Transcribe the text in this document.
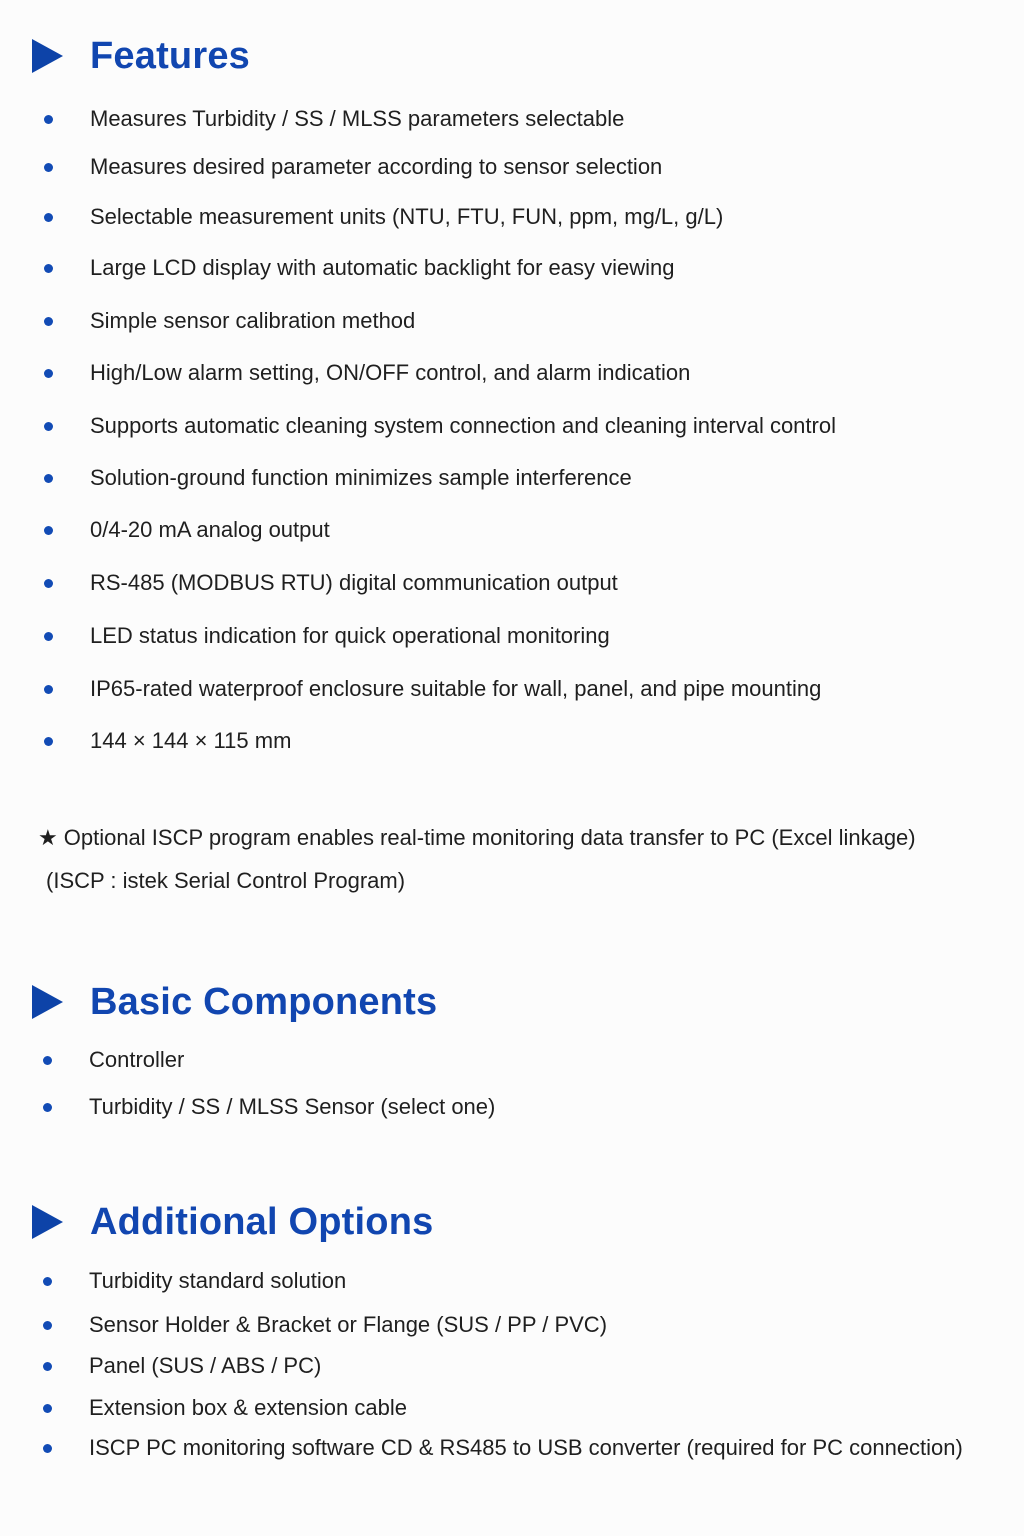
Features
Measures Turbidity / SS / MLSS parameters selectable
Measures desired parameter according to sensor selection
Selectable measurement units (NTU, FTU, FUN, ppm, mg/L, g/L)
Large LCD display with automatic backlight for easy viewing
Simple sensor calibration method
High/Low alarm setting, ON/OFF control, and alarm indication
Supports automatic cleaning system connection and cleaning interval control
Solution-ground function minimizes sample interference
0/4-20 mA analog output
RS-485 (MODBUS RTU) digital communication output
LED status indication for quick operational monitoring
IP65-rated waterproof enclosure suitable for wall, panel, and pipe mounting
144 × 144 × 115 mm
★ Optional ISCP program enables real-time monitoring data transfer to PC (Excel linkage)
(ISCP : istek Serial Control Program)
Basic Components
Controller
Turbidity / SS / MLSS Sensor (select one)
Additional Options
Turbidity standard solution
Sensor Holder & Bracket or Flange (SUS / PP / PVC)
Panel (SUS / ABS / PC)
Extension box & extension cable
ISCP PC monitoring software CD & RS485 to USB converter (required for PC connection)
